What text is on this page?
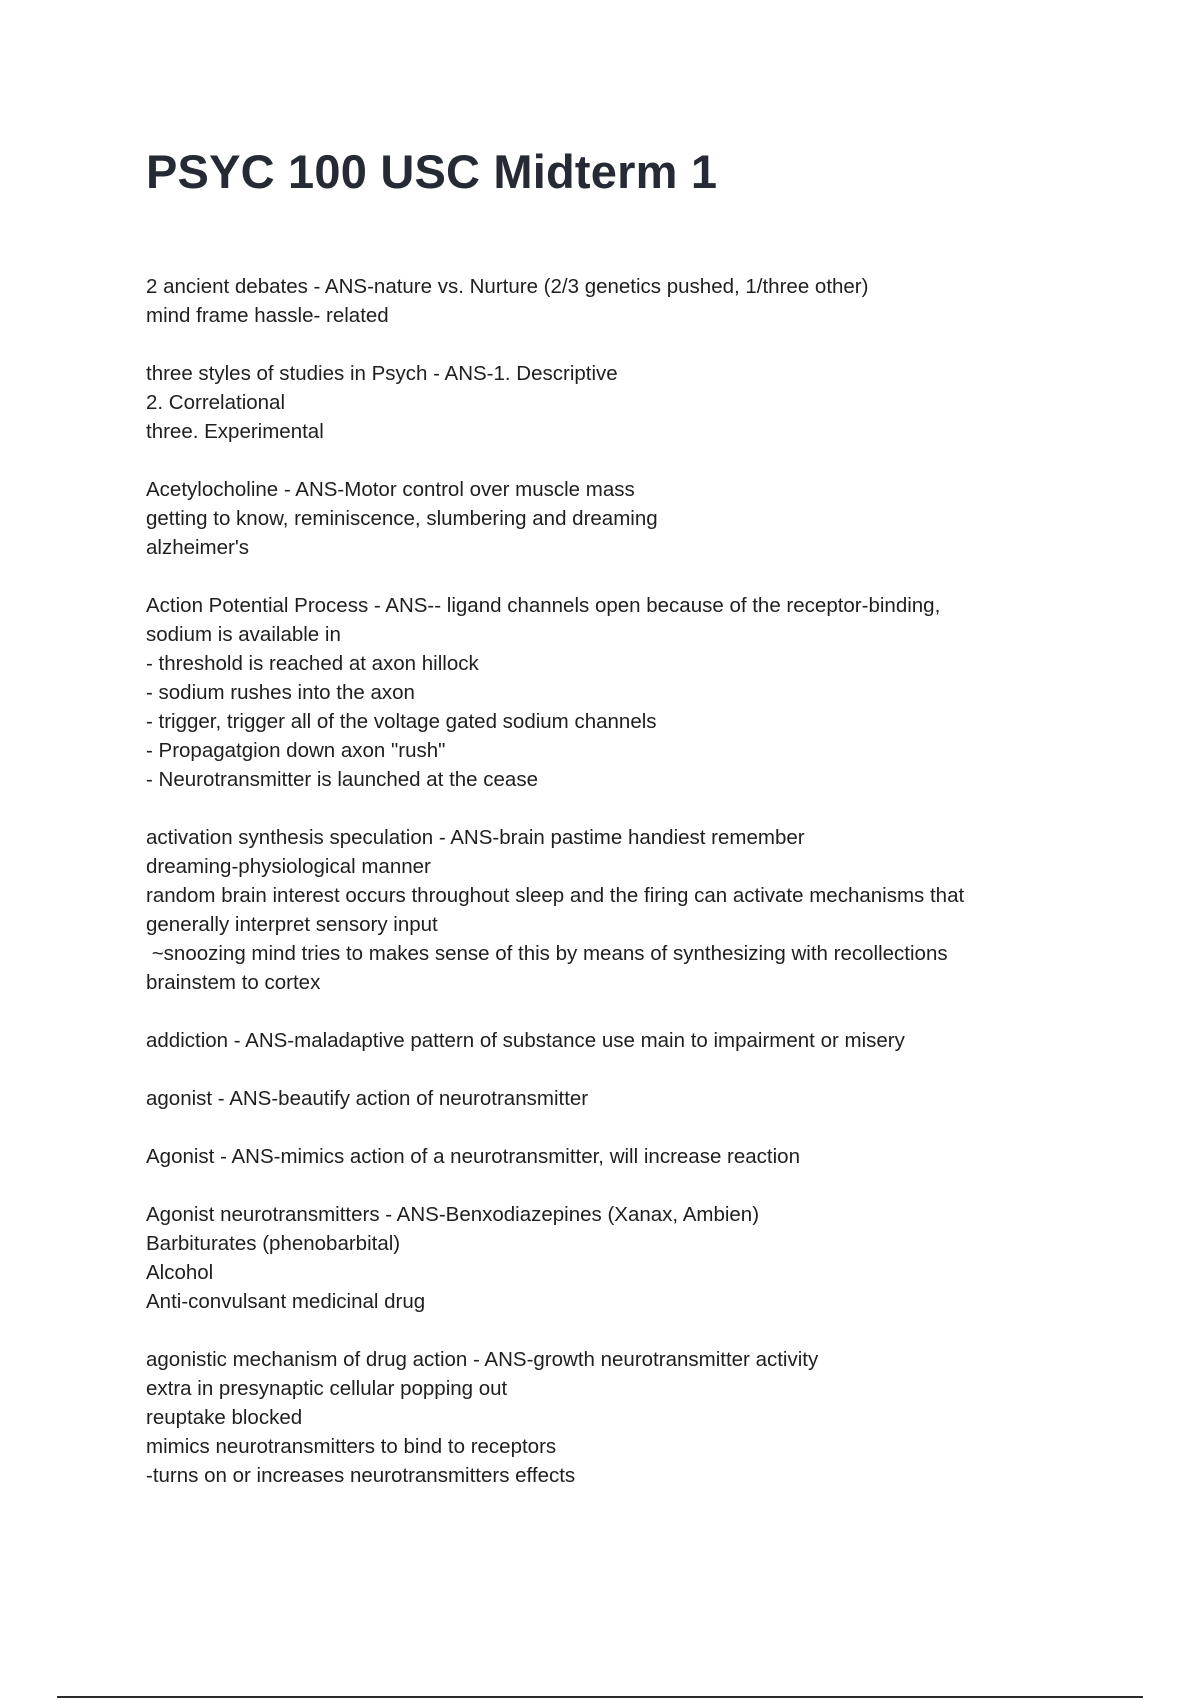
PSYC 100 USC Midterm 1
2 ancient debates - ANS-nature vs. Nurture (2/3 genetics pushed, 1/three other)
mind frame hassle- related
three styles of studies in Psych - ANS-1. Descriptive
2. Correlational
three. Experimental
Acetylocholine - ANS-Motor control over muscle mass
getting to know, reminiscence, slumbering and dreaming
alzheimer's
Action Potential Process - ANS-- ligand channels open because of the receptor-binding,
sodium is available in
- threshold is reached at axon hillock
- sodium rushes into the axon
- trigger, trigger all of the voltage gated sodium channels
- Propagatgion down axon "rush"
- Neurotransmitter is launched at the cease
activation synthesis speculation - ANS-brain pastime handiest remember
dreaming-physiological manner
random brain interest occurs throughout sleep and the firing can activate mechanisms that
generally interpret sensory input
~snoozing mind tries to makes sense of this by means of synthesizing with recollections
brainstem to cortex
addiction - ANS-maladaptive pattern of substance use main to impairment or misery
agonist - ANS-beautify action of neurotransmitter
Agonist - ANS-mimics action of a neurotransmitter, will increase reaction
Agonist neurotransmitters - ANS-Benxodiazepines (Xanax, Ambien)
Barbiturates (phenobarbital)
Alcohol
Anti-convulsant medicinal drug
agonistic mechanism of drug action - ANS-growth neurotransmitter activity
extra in presynaptic cellular popping out
reuptake blocked
mimics neurotransmitters to bind to receptors
-turns on or increases neurotransmitters effects
